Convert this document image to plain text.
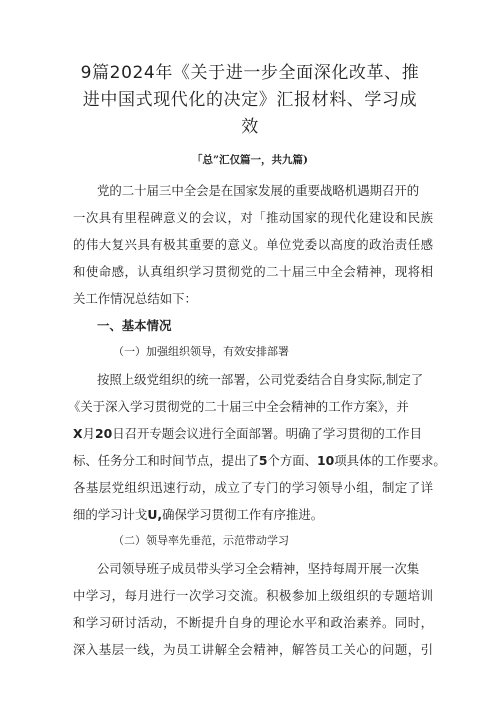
9篇2024年《关于进一步全面深化改革、推
进中国式现代化的决定》汇报材料、学习成
效
「总”汇仅篇一，共九篇)
党的二十届三中全会是在国家发展的重要战略机遇期召开的
一次具有里程碑意义的会议，对「推动国家的现代化建设和民族
的伟大复兴具有极其重要的意义。单位党委以高度的政治责任感
和使命感，认真组织学习贯彻党的二十届三中全会精神，现将相
关工作情况总结如下：
一、基本情况
（一）加强组织领导，有效安排部署
按照上级党组织的统一部署，公司党委结合自身实际,制定了
《关于深入学习贯彻党的二十届三中全会精神的工作方案》，并
X月20日召开专题会议进行全面部署。明确了学习贯彻的工作目
标、任务分工和时间节点，提出了5个方面、10项具体的工作要求。
各基层党组织迅速行动，成立了专门的学习领导小组，制定了详
细的学习计戈U,确保学习贯彻工作有序推进。
（二）领导率先垂范，示范带动学习
公司领导班子成员带头学习全会精神，坚持每周开展一次集
中学习，每月进行一次学习交流。积极参加上级组织的专题培训
和学习研讨活动，不断提升自身的理论水平和政治素养。同时，
深入基层一线，为员工讲解全会精神，解答员工关心的问题，引
